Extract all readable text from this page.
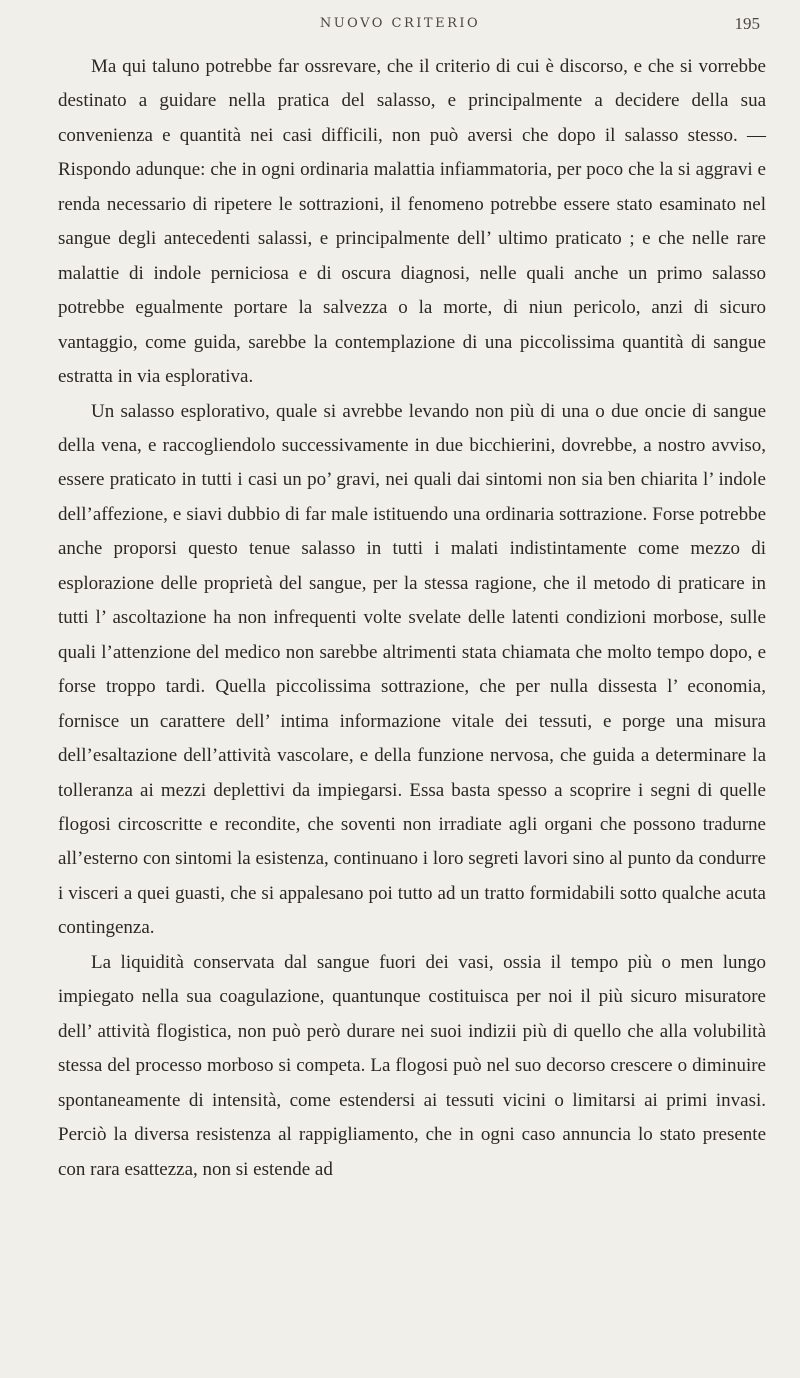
NUOVO CRITERIO	195

Ma qui taluno potrebbe far ossrevare, che il criterio di cui è discorso, e che si vorrebbe destinato a guidare nella pratica del salasso, e principalmente a decidere della sua convenienza e quantità nei casi difficili, non può aversi che dopo il salasso stesso. — Rispondo adunque: che in ogni ordinaria malattia infiammatoria, per poco che la si aggravi e renda necessario di ripetere le sottrazioni, il fenomeno potrebbe essere stato esaminato nel sangue degli antecedenti salassi, e principalmente dell’ ultimo praticato ; e che nelle rare malattie di indole perniciosa e di oscura diagnosi, nelle quali anche un primo salasso potrebbe egualmente portare la salvezza o la morte, di niun pericolo, anzi di sicuro vantaggio, come guida, sarebbe la contemplazione di una piccolissima quantità di sangue estratta in via esplorativa.

Un salasso esplorativo, quale si avrebbe levando non più di una o due oncie di sangue della vena, e raccogliendolo successivamente in due bicchierini, dovrebbe, a nostro avviso, essere praticato in tutti i casi un po’ gravi, nei quali dai sintomi non sia ben chiarita l’ indole dell’affezione, e siavi dubbio di far male istituendo una ordinaria sottrazione. Forse potrebbe anche proporsi questo tenue salasso in tutti i malati indistintamente come mezzo di esplorazione delle proprietà del sangue, per la stessa ragione, che il metodo di praticare in tutti l’ ascoltazione ha non infrequenti volte svelate delle latenti condizioni morbose, sulle quali l’attenzione del medico non sarebbe altrimenti stata chiamata che molto tempo dopo, e forse troppo tardi. Quella piccolissima sottrazione, che per nulla dissesta l’ economia, fornisce un carattere dell’ intima informazione vitale dei tessuti, e porge una misura dell’esaltazione dell’attività vascolare, e della funzione nervosa, che guida a determinare la tolleranza ai mezzi deplettivi da impiegarsi. Essa basta spesso a scoprire i segni di quelle flogosi circoscritte e recondite, che soventi non irradiate agli organi che possono tradurne all’esterno con sintomi la esistenza, continuano i loro segreti lavori sino al punto da condurre i visceri a quei guasti, che si appalesano poi tutto ad un tratto formidabili sotto qualche acuta contingenza.

La liquidità conservata dal sangue fuori dei vasi, ossia il tempo più o men lungo impiegato nella sua coagulazione, quantunque costituisca per noi il più sicuro misuratore dell’ attività flogistica, non può però durare nei suoi indizii più di quello che alla volubilità stessa del processo morboso si competa. La flogosi può nel suo decorso crescere o diminuire spontaneamente di intensità, come estendersi ai tessuti vicini o limitarsi ai primi invasi. Perciò la diversa resistenza al rappigliamento, che in ogni caso annuncia lo stato presente con rara esattezza, non si estende ad
